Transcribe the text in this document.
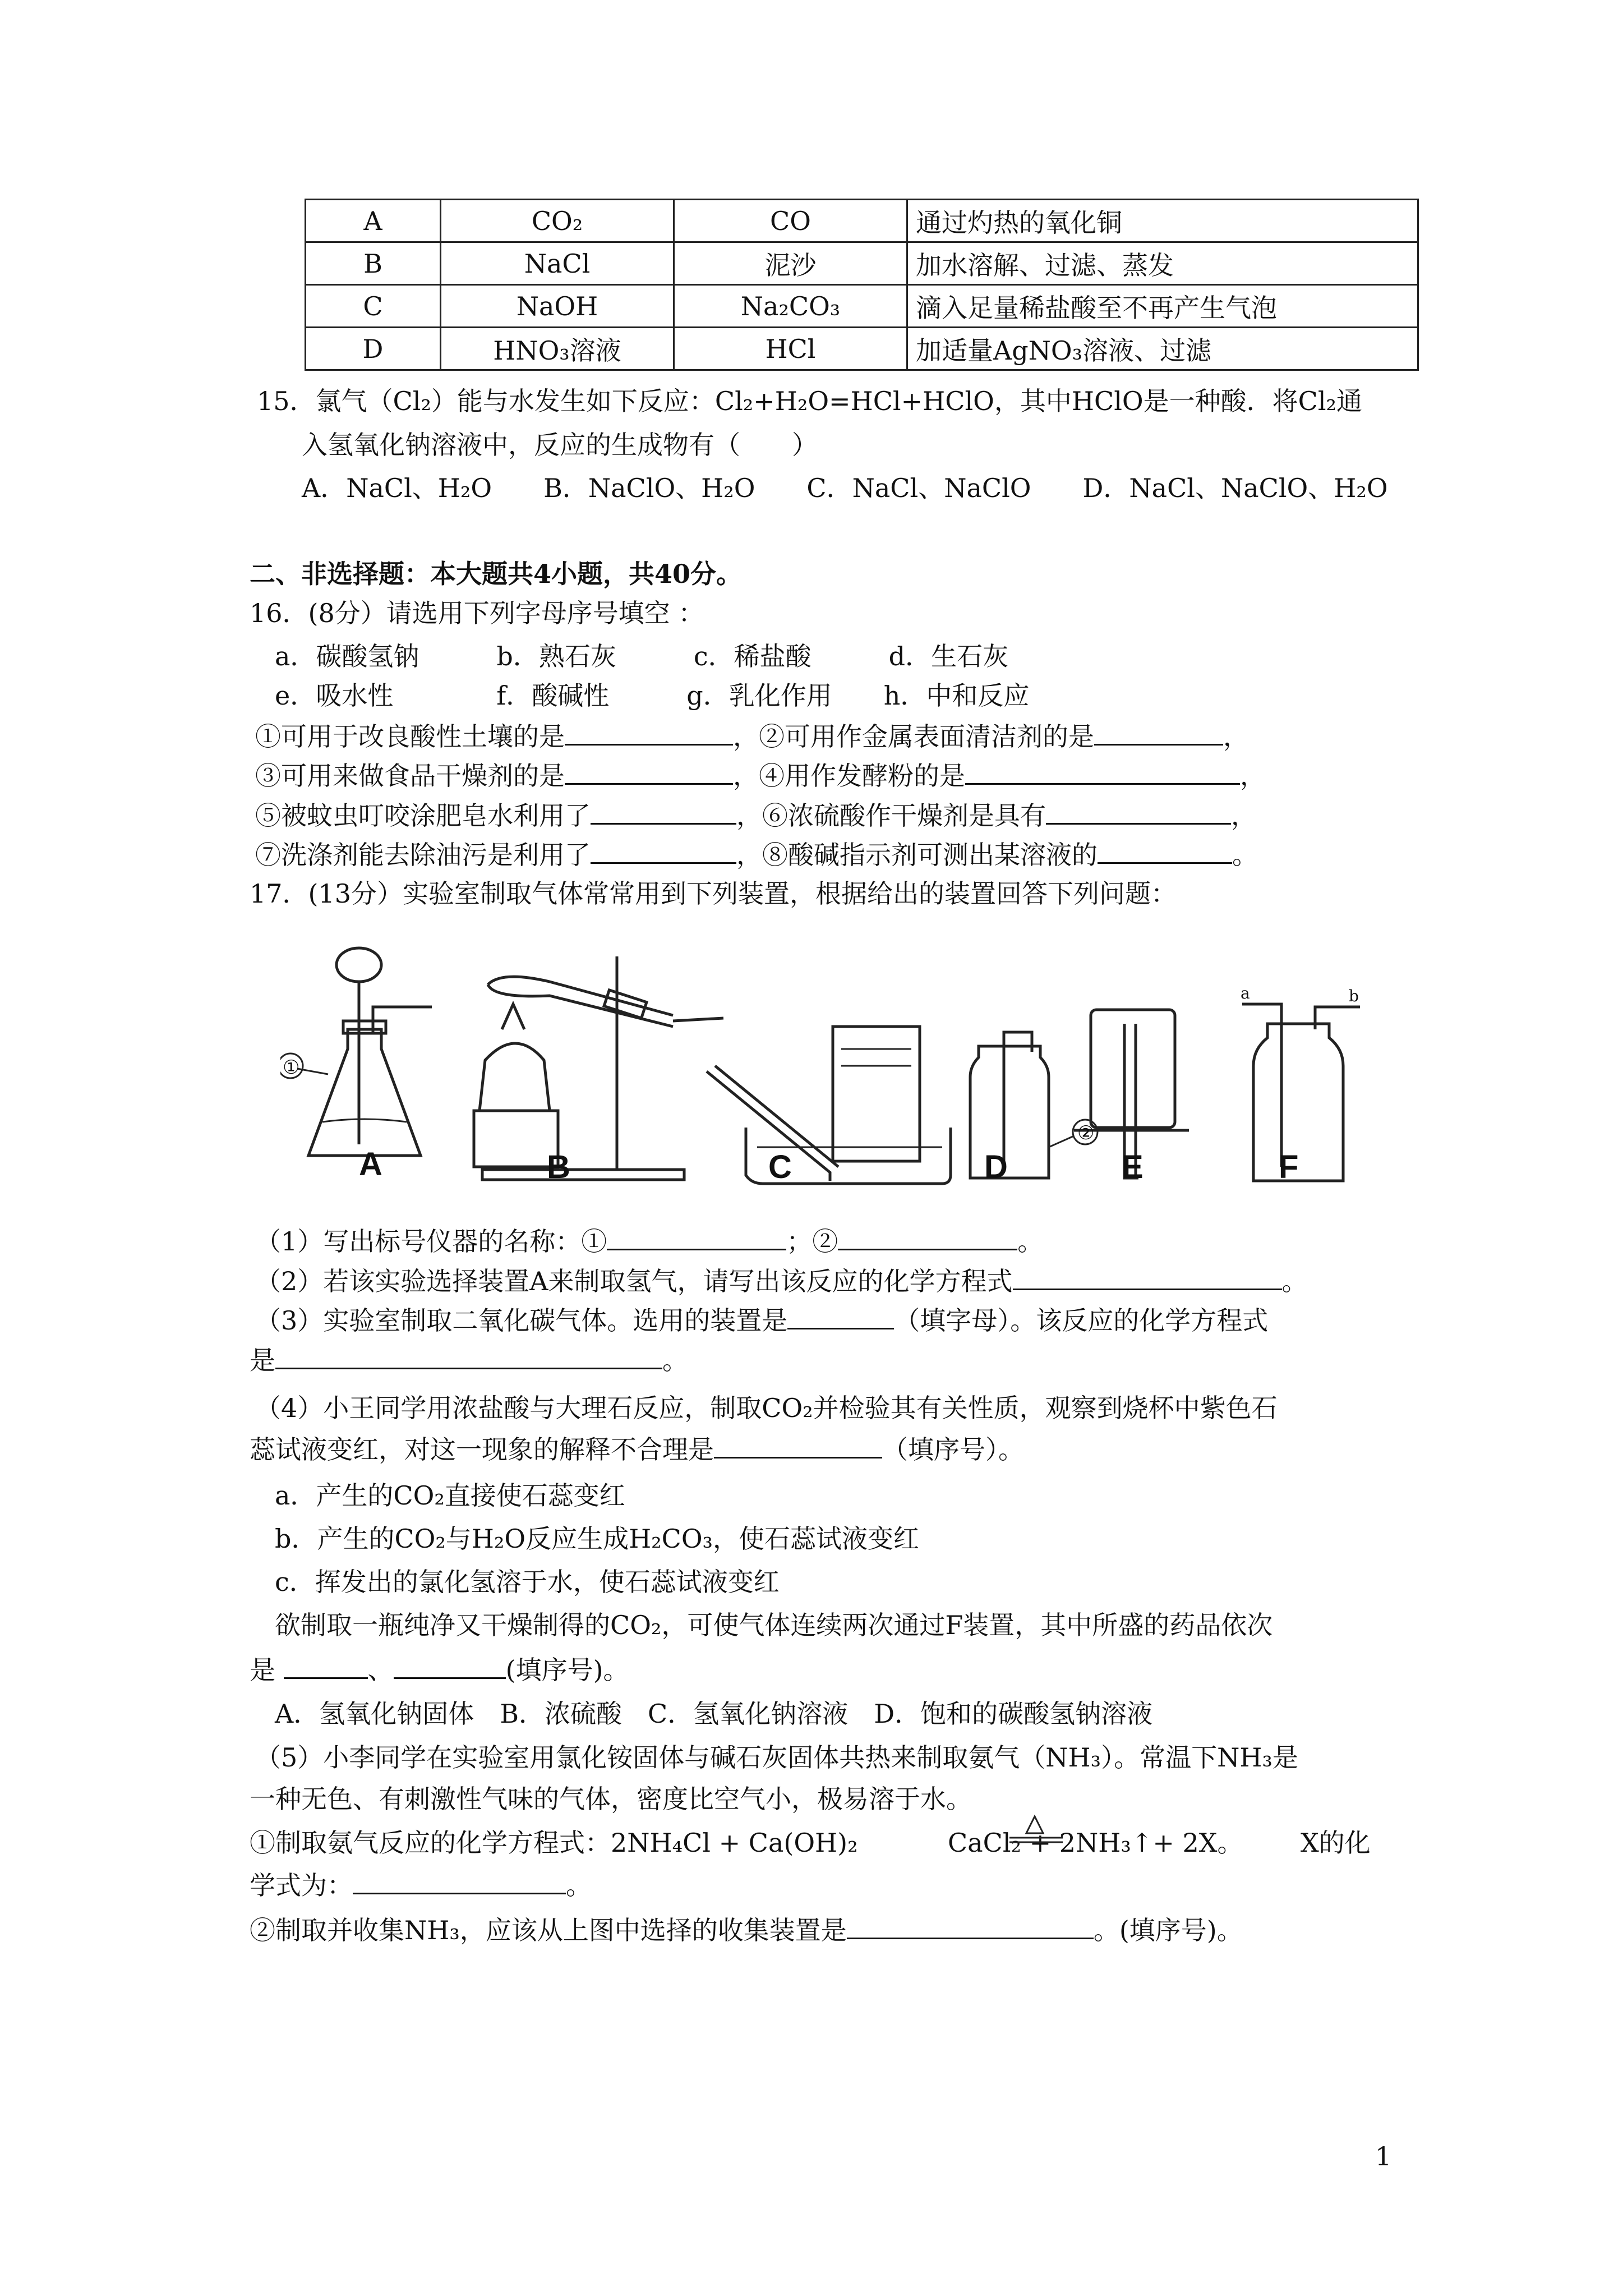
A	CO₂	CO	通过灼热的氧化铜
B	NaCl	泥沙	加水溶解、过滤、蒸发
C	NaOH	Na₂CO₃	滴入足量稀盐酸至不再产生气泡
D	HNO₃溶液	HCl	加适量AgNO₃溶液、过滤
15．氯气（Cl₂）能与水发生如下反应：Cl₂+H₂O=HCl+HClO，其中HClO是一种酸．将Cl₂通
入氢氧化钠溶液中，反应的生成物有（　　）
A．NaCl、H₂O　　B．NaClO、H₂O　　C．NaCl、NaClO　　D．NaCl、NaClO、H₂O
二、非选择题：本大题共4小题，共40分。
16．(8分）请选用下列字母序号填空 ：
a．碳酸氢钠　　　b．熟石灰　　　c．稀盐酸　　　d．生石灰
e．吸水性　　　　f．酸碱性　　　g．乳化作用　　h．中和反应
①可用于改良酸性土壤的是	，②可用作金属表面清洁剂的是	，
③可用来做食品干燥剂的是	，④用作发酵粉的是	，
⑤被蚊虫叮咬涂肥皂水利用了	，⑥浓硫酸作干燥剂是具有	，
⑦洗涤剂能去除油污是利用了	，⑧酸碱指示剂可测出某溶液的	。
17．(13分）实验室制取气体常常用到下列装置，根据给出的装置回答下列问题：
A	B	C	D	E	F
①
②
a	b
（1）写出标号仪器的名称：①	；②	。
（2）若该实验选择装置A来制取氢气，请写出该反应的化学方程式	。
（3）实验室制取二氧化碳气体。选用的装置是	（填字母）。该反应的化学方程式
是	。
（4）小王同学用浓盐酸与大理石反应，制取CO₂并检验其有关性质，观察到烧杯中紫色石
蕊试液变红，对这一现象的解释不合理是	（填序号）。
a．产生的CO₂直接使石蕊变红
b．产生的CO₂与H₂O反应生成H₂CO₃，使石蕊试液变红
c．挥发出的氯化氢溶于水，使石蕊试液变红
欲制取一瓶纯净又干燥制得的CO₂，可使气体连续两次通过F装置，其中所盛的药品依次
是	、	(填序号)。
A．氢氧化钠固体　B．浓硫酸　C．氢氧化钠溶液　D．饱和的碳酸氢钠溶液
（5）小李同学在实验室用氯化铵固体与碱石灰固体共热来制取氨气（NH₃）。常温下NH₃是
一种无色、有刺激性气味的气体，密度比空气小，极易溶于水。
①制取氨气反应的化学方程式：2NH₄Cl + Ca(OH)₂	CaCl₂ + 2NH₃↑+ 2X。 X的化
学式为：	。
②制取并收集NH₃，应该从上图中选择的收集装置是	。(填序号)。
1
